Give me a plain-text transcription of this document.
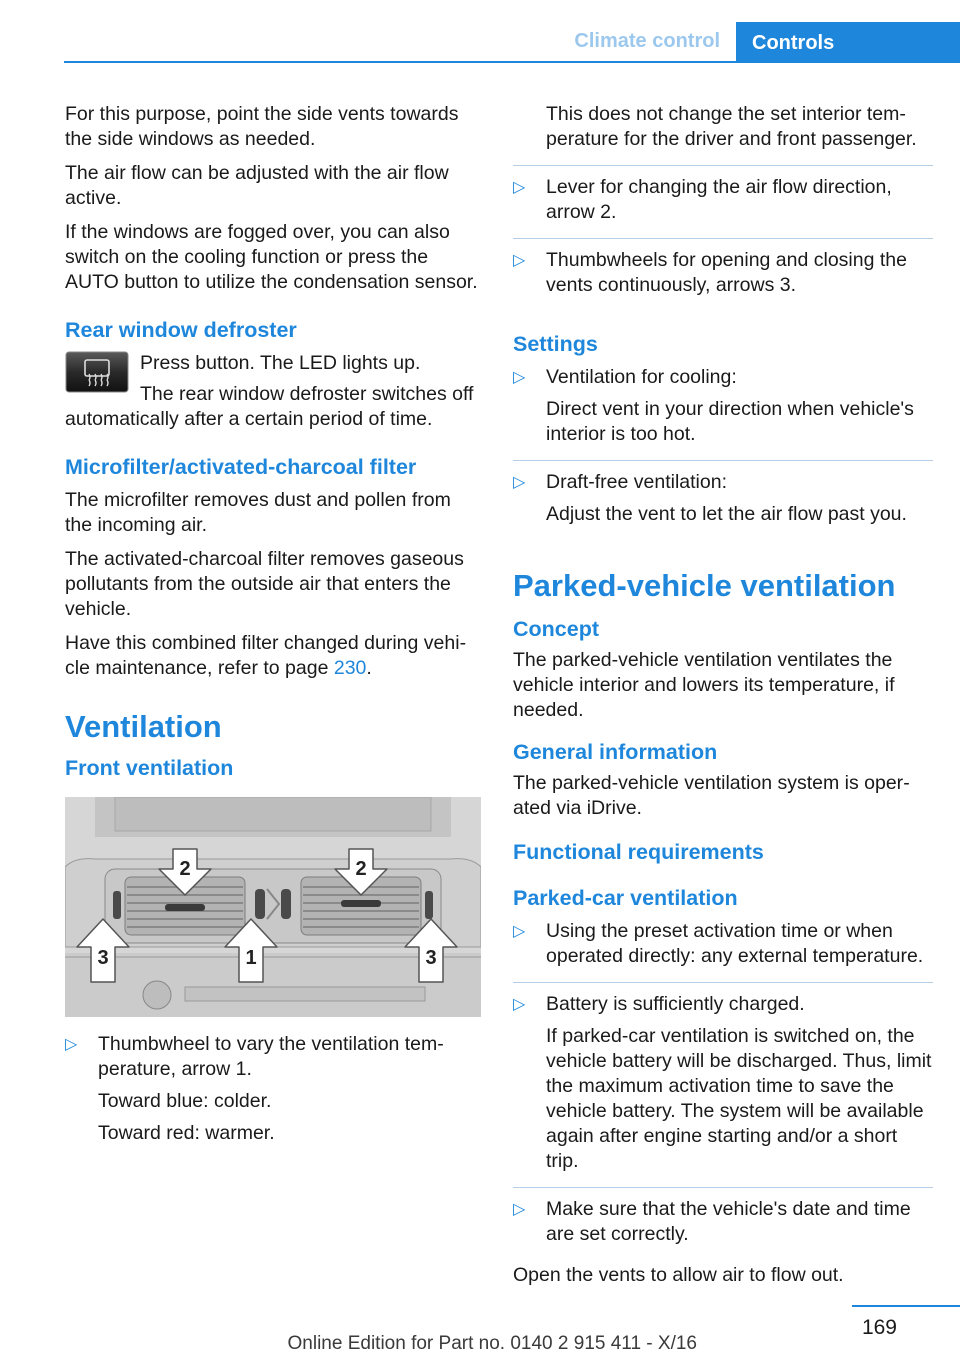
Climate control	Controls

For this purpose, point the side vents towards the side windows as needed.

The air flow can be adjusted with the air flow active.

If the windows are fogged over, you can also switch on the cooling function or press the AUTO button to utilize the condensation sensor.

Rear window defroster

Press button. The LED lights up.

The rear window defroster switches off automatically after a certain period of time.

Microfilter/activated-charcoal filter

The microfilter removes dust and pollen from the incoming air.

The activated-charcoal filter removes gaseous pollutants from the outside air that enters the vehicle.

Have this combined filter changed during vehicle maintenance, refer to page 230.

Ventilation
Front ventilation
2	2
3	1	3
▷ Thumbwheel to vary the ventilation temperature, arrow 1.

Toward blue: colder.

Toward red: warmer.

This does not change the set interior temperature for the driver and front passenger.

▷ Lever for changing the air flow direction, arrow 2.

▷ Thumbwheels for opening and closing the vents continuously, arrows 3.

Settings
▷ Ventilation for cooling:

Direct vent in your direction when vehicle's interior is too hot.

▷ Draft-free ventilation:

Adjust the vent to let the air flow past you.

Parked-vehicle ventilation
Concept

The parked-vehicle ventilation ventilates the vehicle interior and lowers its temperature, if needed.

General information

The parked-vehicle ventilation system is operated via iDrive.

Functional requirements
Parked-car ventilation
▷ Using the preset activation time or when operated directly: any external temperature.

▷ Battery is sufficiently charged.

If parked-car ventilation is switched on, the vehicle battery will be discharged. Thus, limit the maximum activation time to save the vehicle battery. The system will be available again after engine starting and/or a short trip.

▷ Make sure that the vehicle's date and time are set correctly.

Open the vents to allow air to flow out.

169
Online Edition for Part no. 0140 2 915 411 - X/16
